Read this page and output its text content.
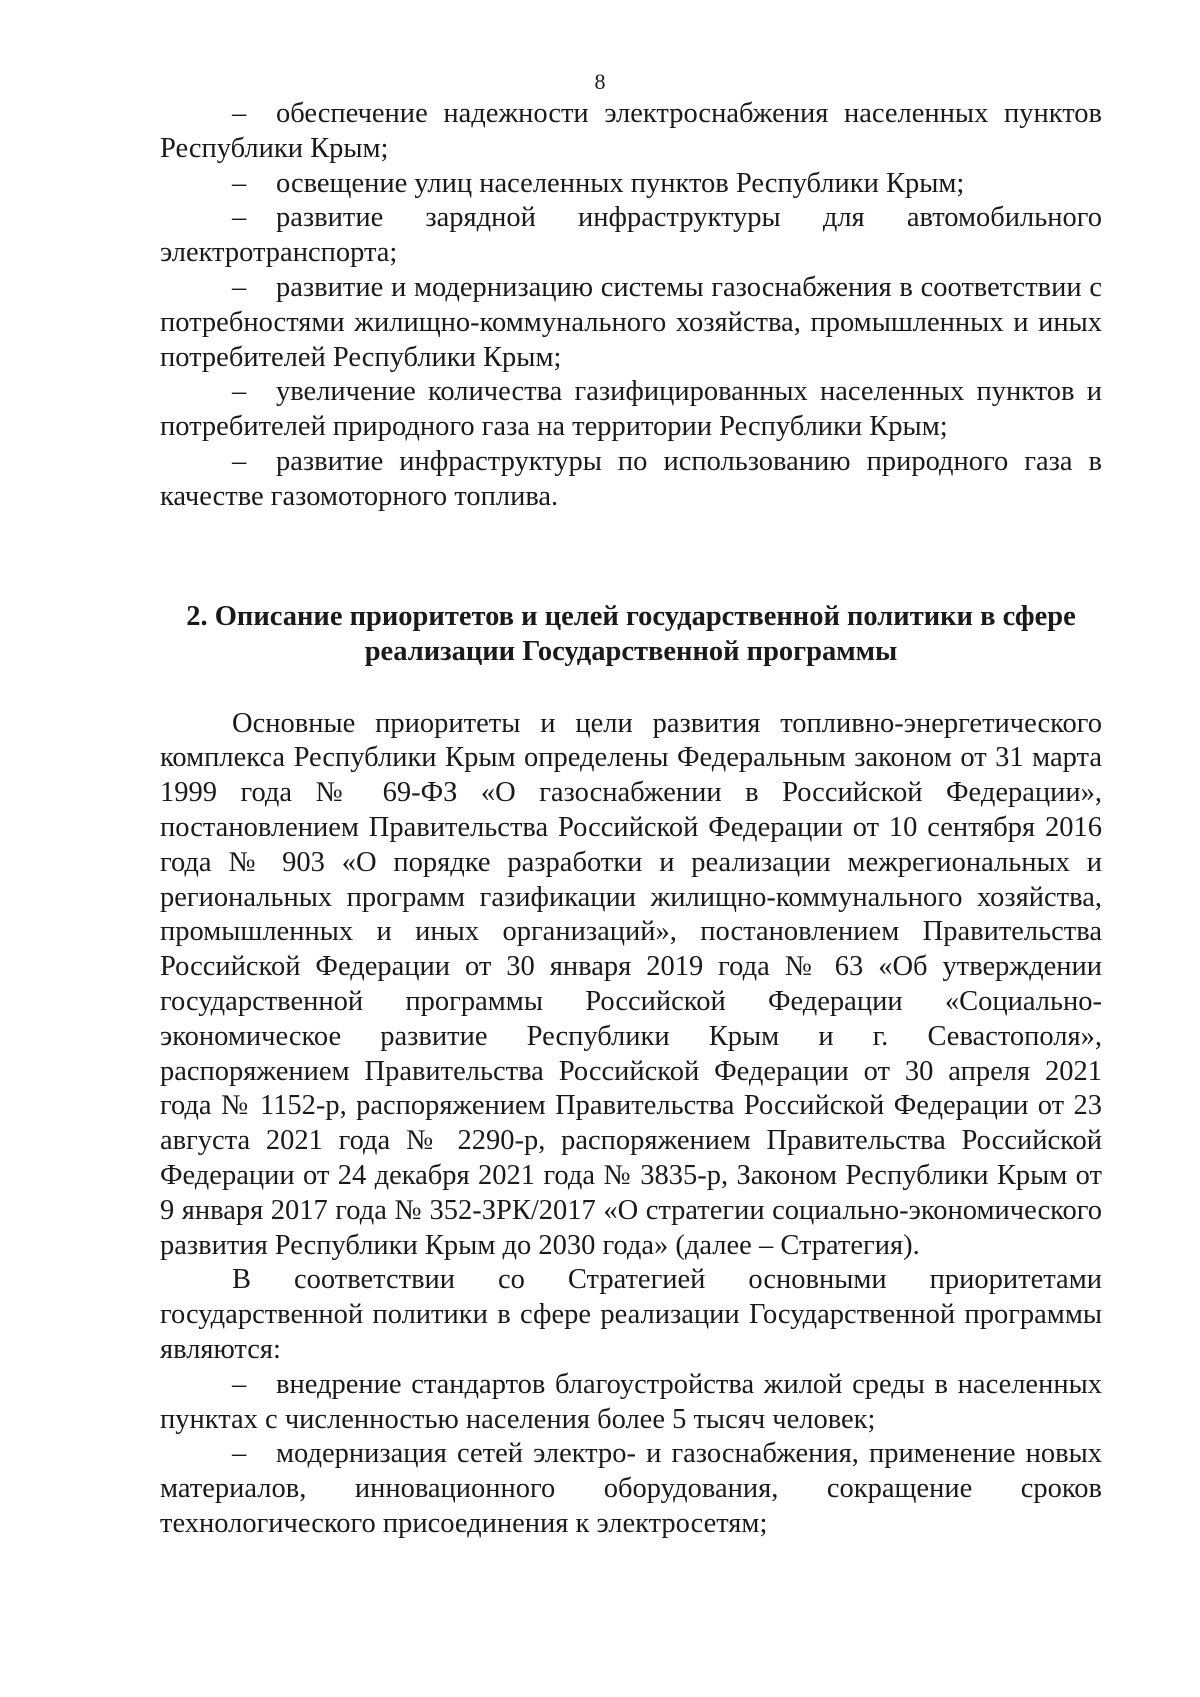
8

– обеспечение надежности электроснабжения населенных пунктов Республики Крым;

– освещение улиц населенных пунктов Республики Крым;

– развитие зарядной инфраструктуры для автомобильного электротранспорта;

– развитие и модернизацию системы газоснабжения в соответствии с потребностями жилищно-коммунального хозяйства, промышленных и иных потребителей Республики Крым;

– увеличение количества газифицированных населенных пунктов и потребителей природного газа на территории Республики Крым;

– развитие инфраструктуры по использованию природного газа в качестве газомоторного топлива.

2. Описание приоритетов и целей государственной политики в сфере
реализации Государственной программы

Основные приоритеты и цели развития топливно-энергетического комплекса Республики Крым определены Федеральным законом от 31 марта 1999 года № 69-ФЗ «О газоснабжении в Российской Федерации», постановлением Правительства Российской Федерации от 10 сентября 2016 года № 903 «О порядке разработки и реализации межрегиональных и региональных программ газификации жилищно-коммунального хозяйства, промышленных и иных организаций», постановлением Правительства Российской Федерации от 30 января 2019 года № 63 «Об утверждении государственной программы Российской Федерации «Социально-экономическое развитие Республики Крым и г. Севастополя», распоряжением Правительства Российской Федерации от 30 апреля 2021 года № 1152-р, распоряжением Правительства Российской Федерации от 23 августа 2021 года № 2290-р, распоряжением Правительства Российской Федерации от 24 декабря 2021 года № 3835-р, Законом Республики Крым от 9 января 2017 года № 352-ЗРК/2017 «О стратегии социально-экономического развития Республики Крым до 2030 года» (далее – Стратегия).

В соответствии со Стратегией основными приоритетами государственной политики в сфере реализации Государственной программы являются:

– внедрение стандартов благоустройства жилой среды в населенных пунктах с численностью населения более 5 тысяч человек;

– модернизация сетей электро- и газоснабжения, применение новых материалов, инновационного оборудования, сокращение сроков технологического присоединения к электросетям;
